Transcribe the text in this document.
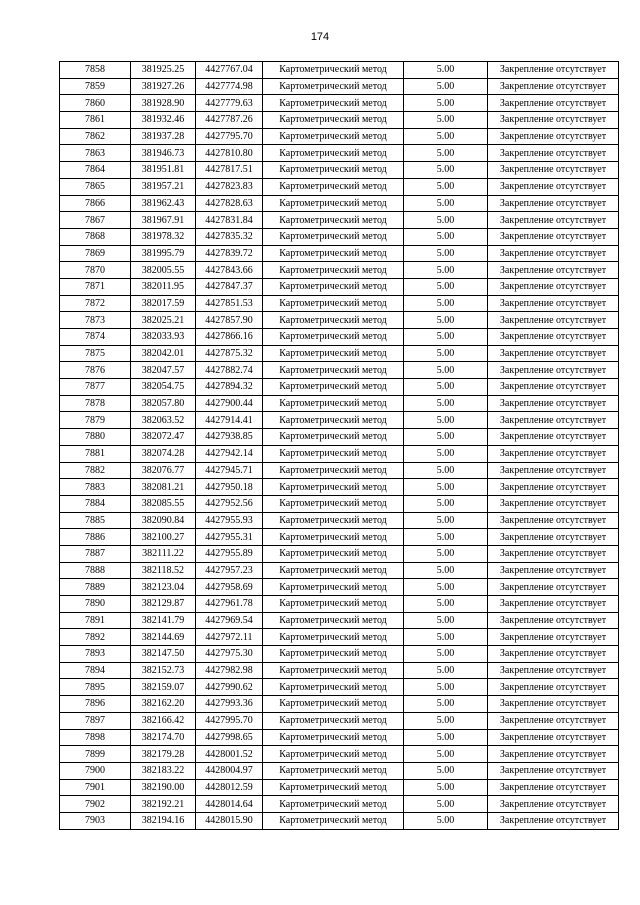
174
7858	381925.25	4427767.04	Картометрический метод	5.00	Закрепление отсутствует
7859	381927.26	4427774.98	Картометрический метод	5.00	Закрепление отсутствует
7860	381928.90	4427779.63	Картометрический метод	5.00	Закрепление отсутствует
7861	381932.46	4427787.26	Картометрический метод	5.00	Закрепление отсутствует
7862	381937.28	4427795.70	Картометрический метод	5.00	Закрепление отсутствует
7863	381946.73	4427810.80	Картометрический метод	5.00	Закрепление отсутствует
7864	381951.81	4427817.51	Картометрический метод	5.00	Закрепление отсутствует
7865	381957.21	4427823.83	Картометрический метод	5.00	Закрепление отсутствует
7866	381962.43	4427828.63	Картометрический метод	5.00	Закрепление отсутствует
7867	381967.91	4427831.84	Картометрический метод	5.00	Закрепление отсутствует
7868	381978.32	4427835.32	Картометрический метод	5.00	Закрепление отсутствует
7869	381995.79	4427839.72	Картометрический метод	5.00	Закрепление отсутствует
7870	382005.55	4427843.66	Картометрический метод	5.00	Закрепление отсутствует
7871	382011.95	4427847.37	Картометрический метод	5.00	Закрепление отсутствует
7872	382017.59	4427851.53	Картометрический метод	5.00	Закрепление отсутствует
7873	382025.21	4427857.90	Картометрический метод	5.00	Закрепление отсутствует
7874	382033.93	4427866.16	Картометрический метод	5.00	Закрепление отсутствует
7875	382042.01	4427875.32	Картометрический метод	5.00	Закрепление отсутствует
7876	382047.57	4427882.74	Картометрический метод	5.00	Закрепление отсутствует
7877	382054.75	4427894.32	Картометрический метод	5.00	Закрепление отсутствует
7878	382057.80	4427900.44	Картометрический метод	5.00	Закрепление отсутствует
7879	382063.52	4427914.41	Картометрический метод	5.00	Закрепление отсутствует
7880	382072.47	4427938.85	Картометрический метод	5.00	Закрепление отсутствует
7881	382074.28	4427942.14	Картометрический метод	5.00	Закрепление отсутствует
7882	382076.77	4427945.71	Картометрический метод	5.00	Закрепление отсутствует
7883	382081.21	4427950.18	Картометрический метод	5.00	Закрепление отсутствует
7884	382085.55	4427952.56	Картометрический метод	5.00	Закрепление отсутствует
7885	382090.84	4427955.93	Картометрический метод	5.00	Закрепление отсутствует
7886	382100.27	4427955.31	Картометрический метод	5.00	Закрепление отсутствует
7887	382111.22	4427955.89	Картометрический метод	5.00	Закрепление отсутствует
7888	382118.52	4427957.23	Картометрический метод	5.00	Закрепление отсутствует
7889	382123.04	4427958.69	Картометрический метод	5.00	Закрепление отсутствует
7890	382129.87	4427961.78	Картометрический метод	5.00	Закрепление отсутствует
7891	382141.79	4427969.54	Картометрический метод	5.00	Закрепление отсутствует
7892	382144.69	4427972.11	Картометрический метод	5.00	Закрепление отсутствует
7893	382147.50	4427975.30	Картометрический метод	5.00	Закрепление отсутствует
7894	382152.73	4427982.98	Картометрический метод	5.00	Закрепление отсутствует
7895	382159.07	4427990.62	Картометрический метод	5.00	Закрепление отсутствует
7896	382162.20	4427993.36	Картометрический метод	5.00	Закрепление отсутствует
7897	382166.42	4427995.70	Картометрический метод	5.00	Закрепление отсутствует
7898	382174.70	4427998.65	Картометрический метод	5.00	Закрепление отсутствует
7899	382179.28	4428001.52	Картометрический метод	5.00	Закрепление отсутствует
7900	382183.22	4428004.97	Картометрический метод	5.00	Закрепление отсутствует
7901	382190.00	4428012.59	Картометрический метод	5.00	Закрепление отсутствует
7902	382192.21	4428014.64	Картометрический метод	5.00	Закрепление отсутствует
7903	382194.16	4428015.90	Картометрический метод	5.00	Закрепление отсутствует
